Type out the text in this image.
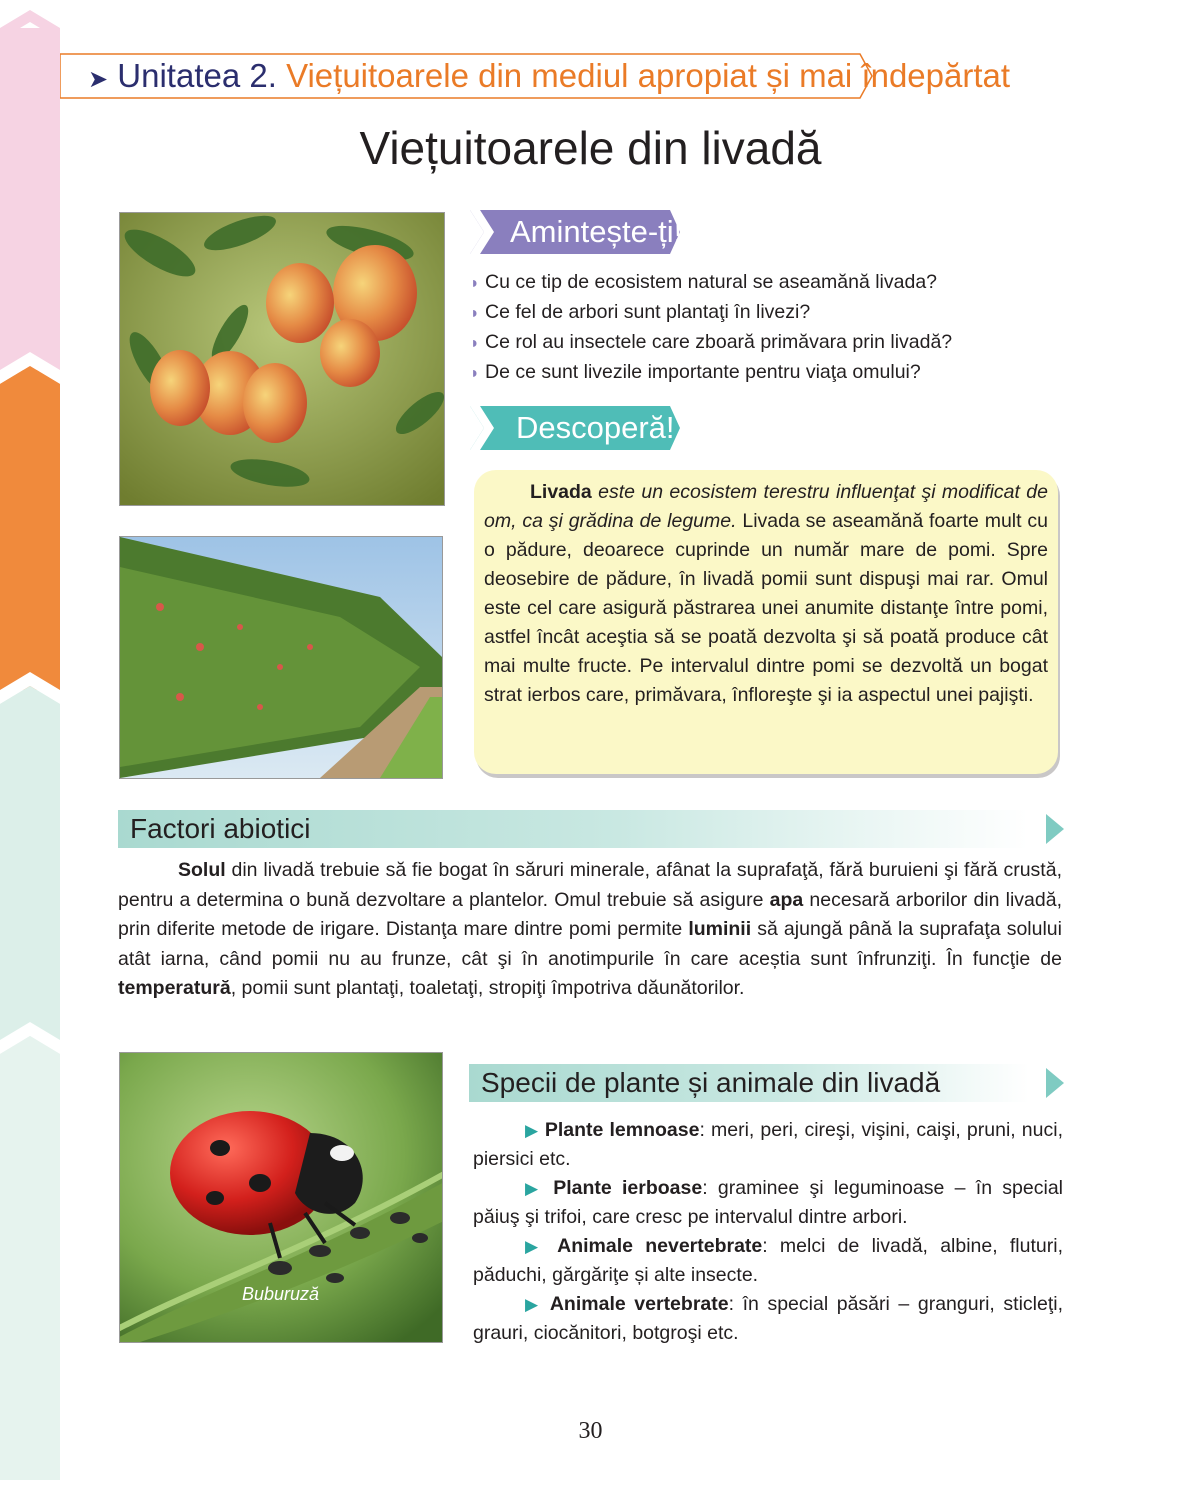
➤ Unitatea 2. Viețuitoarele din mediul apropiat și mai îndepărtat
Viețuitoarele din livadă
Amintește-ți!
◗ Cu ce tip de ecosistem natural se aseamănă livada?
◗ Ce fel de arbori sunt plantaţi în livezi?
◗ Ce rol au insectele care zboară primăvara prin livadă?
◗ De ce sunt livezile importante pentru viaţa omului?
Descoperă!

Livada este un ecosistem terestru influenţat şi modificat de om, ca şi grădina de legume. Livada se aseamănă foarte mult cu o pădure, deoarece cuprinde un număr mare de pomi. Spre deosebire de pădure, în livadă pomii sunt dispuşi mai rar. Omul este cel care asigură păstrarea unei anumite distanţe între pomi, astfel încât aceştia să se poată dezvolta şi să poată produce cât mai multe fructe. Pe intervalul dintre pomi se dezvoltă un bogat strat ierbos care, primăvara, înfloreşte şi ia aspectul unei pajişti.

Factori abiotici

Solul din livadă trebuie să fie bogat în săruri minerale, afânat la suprafaţă, fără buruieni şi fără crustă, pentru a determina o bună dezvoltare a plantelor. Omul trebuie să asigure apa necesară arborilor din livadă, prin diferite metode de irigare. Distanţa mare dintre pomi permite luminii să ajungă până la suprafaţa solului atât iarna, când pomii nu au frunze, cât şi în anotimpurile în care aceștia sunt înfrunziţi. În funcţie de temperatură, pomii sunt plantaţi, toaletaţi, stropiţi împotriva dăunătorilor.

Buburuză
Specii de plante și animale din livadă

▶ Plante lemnoase: meri, peri, cireşi, vişini, caişi, pruni, nuci, piersici etc.

▶ Plante ierboase: graminee şi leguminoase – în special păiuş şi trifoi, care cresc pe intervalul dintre arbori.

▶ Animale nevertebrate: melci de livadă, albine, fluturi, păduchi, gărgăriţe și alte insecte.

▶ Animale vertebrate: în special păsări – granguri, sticleţi, grauri, ciocănitori, botgroşi etc.

30
